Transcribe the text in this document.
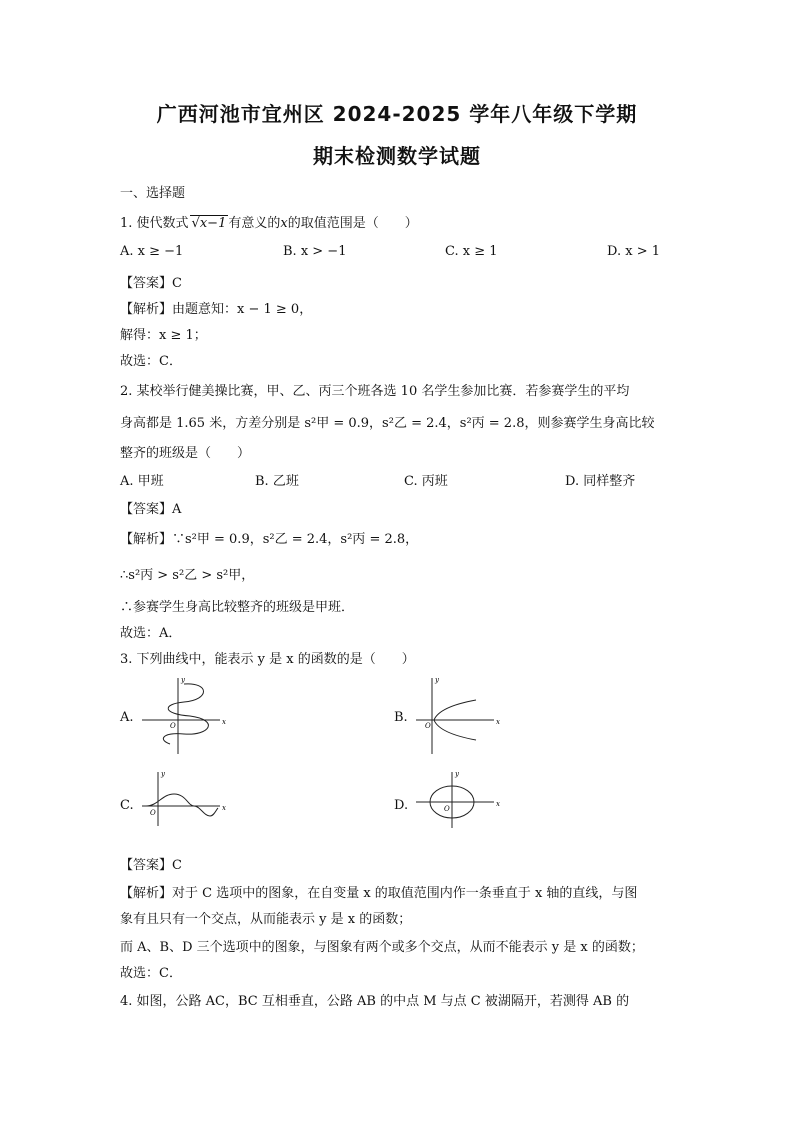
广西河池市宜州区 2024-2025 学年八年级下学期
期末检测数学试题
一、选择题
1. 使代数式 √x−1 有意义的x的取值范围是（　　）
A. x ≥ −1	B. x > −1	C. x ≥ 1	D. x > 1
【答案】C
【解析】由题意知：x − 1 ≥ 0，
解得：x ≥ 1；
故选：C．
2. 某校举行健美操比赛，甲、乙、丙三个班各选 10 名学生参加比赛．若参赛学生的平均
身高都是 1.65 米，方差分别是 s²甲 = 0.9，s²乙 = 2.4，s²丙 = 2.8，则参赛学生身高比较
整齐的班级是（　　）
A. 甲班	B. 乙班	C. 丙班	D. 同样整齐
【答案】A
【解析】∵s²甲 = 0.9，s²乙 = 2.4，s²丙 = 2.8，
∴s²丙 > s²乙 > s²甲，
∴参赛学生身高比较整齐的班级是甲班．
故选：A．
3. 下列曲线中，能表示 y 是 x 的函数的是（　　）
A.	x
y
O
B.	x
y
O
C.	x
y
O	D.	x
y
O
【答案】C
【解析】对于 C 选项中的图象，在自变量 x 的取值范围内作一条垂直于 x 轴的直线，与图
象有且只有一个交点，从而能表示 y 是 x 的函数；
而 A、B、D 三个选项中的图象，与图象有两个或多个交点，从而不能表示 y 是 x 的函数；
故选：C．
4. 如图，公路 AC，BC 互相垂直，公路 AB 的中点 M 与点 C 被湖隔开，若测得 AB 的
